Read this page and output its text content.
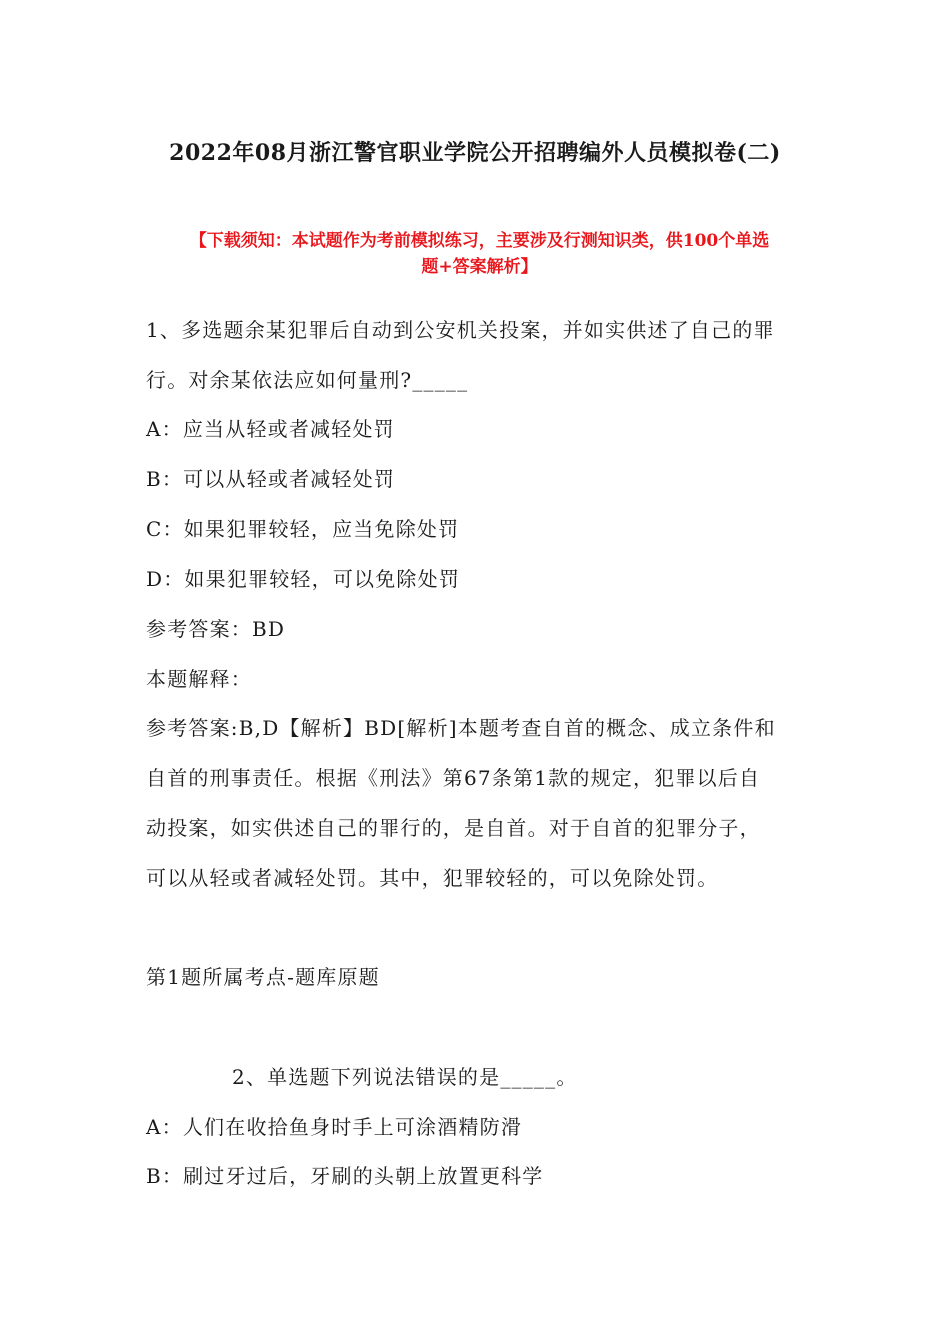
2022年08月浙江警官职业学院公开招聘编外人员模拟卷(二)
【下载须知：本试题作为考前模拟练习，主要涉及行测知识类，供100个单选
题+答案解析】
1、多选题余某犯罪后自动到公安机关投案，并如实供述了自己的罪
行。对余某依法应如何量刑?_____
A：应当从轻或者减轻处罚
B：可以从轻或者减轻处罚
C：如果犯罪较轻，应当免除处罚
D：如果犯罪较轻，可以免除处罚
参考答案：BD
本题解释：
参考答案:B,D【解析】BD[解析]本题考查自首的概念、成立条件和
自首的刑事责任。根据《刑法》第67条第1款的规定，犯罪以后自
动投案，如实供述自己的罪行的，是自首。对于自首的犯罪分子，
可以从轻或者减轻处罚。其中，犯罪较轻的，可以免除处罚。
第1题所属考点-题库原题
2、单选题下列说法错误的是_____。
A：人们在收拾鱼身时手上可涂酒精防滑
B：刷过牙过后，牙刷的头朝上放置更科学
